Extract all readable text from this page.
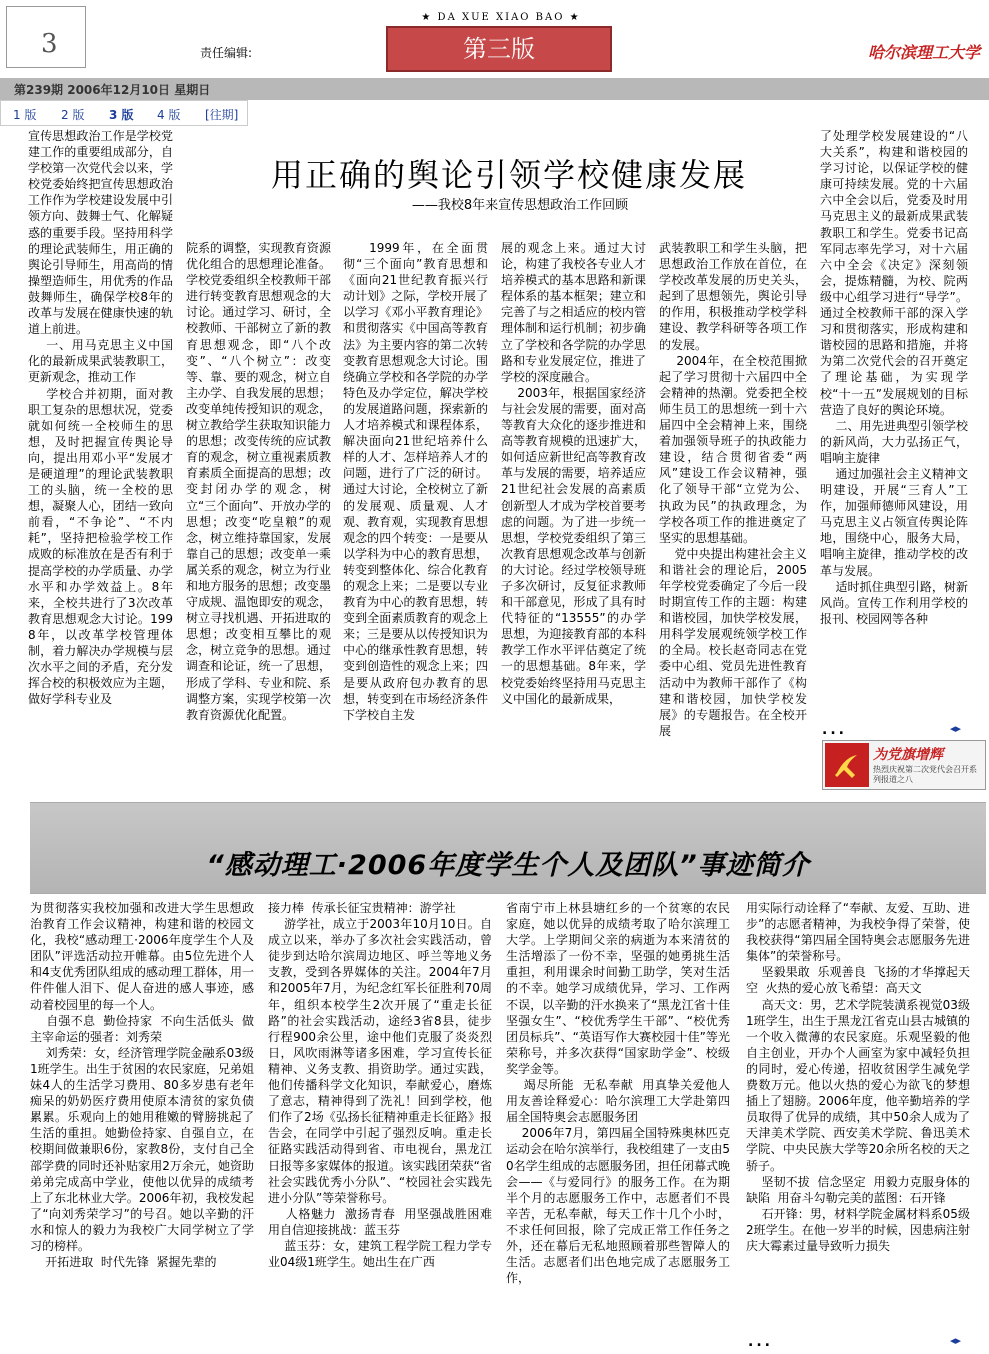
3	责任编辑:
★ DA XUE XIAO BAO ★
第三版	哈尔滨理工大学
第239期 2006年12月10日 星期日
1 版 2 版 3 版 4 版 [往期]
宣传思想政治工作是学校党建工作的重要组成部分，自学校第一次党代会以来，学校党委始终把宣传思想政治工作作为学校建设发展中引领方向、鼓舞士气、化解疑惑的重要手段。坚持用科学的理论武装师生，用正确的舆论引导师生，用高尚的情操塑造师生，用优秀的作品鼓舞师生，确保学校8年的改革与发展在健康快速的轨道上前进。
一、用马克思主义中国化的最新成果武装教职工，更新观念，推动工作
学校合并初期，面对教职工复杂的思想状况，党委就如何统一全校师生的思想，及时把握宣传舆论导向，提出用邓小平“发展才是硬道理”的理论武装教职工的头脑，统一全校的思想，凝聚人心，团结一致向前看，“不争论”、“不内耗”，坚持把检验学校工作成败的标准放在是否有利于提高学校的办学质量、办学水平和办学效益上。8年来，全校共进行了3次改革教育思想观念大讨论。1998年，以改革学校管理体制，着力解决办学规模与层次水平之间的矛盾，充分发挥合校的积极效应为主题，做好学科专业及
用正确的舆论引领学校健康发展
——我校8年来宣传思想政治工作回顾
院系的调整，实现教育资源优化组合的思想理论准备。学校党委组织全校教师干部进行转变教育思想观念的大讨论。通过学习、研讨，全校教师、干部树立了新的教育思想观念，即“八个改变”、“八个树立”：改变等、靠、要的观念，树立自主办学、自我发展的思想；改变单纯传授知识的观念，树立教给学生获取知识能力的思想；改变传统的应试教育的观念，树立重视素质教育素质全面提高的思想；改变封闭办学的观念，树立“三个面向”、开放办学的思想；改变“吃皇粮”的观念，树立维持靠国家，发展靠自己的思想；改变单一乘属关系的观念，树立为行业和地方服务的思想；改变墨守成规、温饱即安的观念，树立寻找机遇、开拓进取的思想；改变相互攀比的观念，树立竞争的思想。通过调查和论证，统一了思想，形成了学科、专业和院、系调整方案，实现学校第一次教育资源优化配置。
1999年，在全面贯彻“三个面向”教育思想和《面向21世纪教育振兴行动计划》之际，学校开展了以学习《邓小平教育理论》和贯彻落实《中国高等教育法》为主要内容的第二次转变教育思想观念大讨论。围绕确立学校和各学院的办学特色及办学定位，解决学校的发展道路问题，探索新的人才培养模式和课程体系，解决面向21世纪培养什么样的人才、怎样培养人才的问题，进行了广泛的研讨。通过大讨论，全校树立了新的发展观、质量观、人才观、教育观，实现教育思想观念的四个转变：一是要从以学科为中心的教育思想，转变到整体化、综合化教育的观念上来；二是要以专业教育为中心的教育思想，转变到全面素质教育的观念上来；三是要从以传授知识为中心的继承性教育思想，转变到创造性的观念上来；四是要从政府包办教育的思想，转变到在市场经济条件下学校自主发
展的观念上来。通过大讨论，构建了我校各专业人才培养模式的基本思路和新课程体系的基本框架；建立和完善了与之相适应的校内管理体制和运行机制；初步确立了学校和各学院的办学思路和专业发展定位，推进了学校的深度融合。
2003年，根据国家经济与社会发展的需要，面对高等教育大众化的逐步推进和高等教育规模的迅速扩大，如何适应新世纪高等教育改革与发展的需要，培养适应21世纪社会发展的高素质创新型人才成为学校首要考虑的问题。为了进一步统一思想，学校党委组织了第三次教育思想观念改革与创新的大讨论。经过学校领导班子多次研讨，反复征求教师和干部意见，形成了具有时代特征的“13555”的办学思想，为迎接教育部的本科教学工作水平评估奠定了统一的思想基础。8年来，学校党委始终坚持用马克思主义中国化的最新成果，
武装教职工和学生头脑，把思想政治工作放在首位，在学校改革发展的历史关头，起到了思想领先，舆论引导的作用，积极推动学校学科建设、教学科研等各项工作的发展。
2004年，在全校范围掀起了学习贯彻十六届四中全会精神的热潮。党委把全校师生员工的思想统一到十六届四中全会精神上来，围绕着加强领导班子的执政能力建设，结合贯彻省委“两风”建设工作会议精神，强化了领导干部“立党为公、执政为民”的执政理念，为学校各项工作的推进奠定了坚实的思想基础。
党中央提出构建社会主义和谐社会的理论后，2005年学校党委确定了今后一段时期宣传工作的主题：构建和谐校园，加快学校发展，用科学发展观统领学校工作的全局。校长赵奇同志在党委中心组、党员先进性教育活动中为教师干部作了《构建和谐校园，加快学校发展》的专题报告。在全校开展
了处理学校发展建设的“八大关系”，构建和谐校园的学习讨论，以保证学校的健康可持续发展。党的十六届六中全会以后，党委及时用马克思主义的最新成果武装教职工和学生。党委书记高军同志率先学习，对十六届六中全会《决定》深刻领会，提炼精髓，为校、院两级中心组学习进行“导学”。通过全校教师干部的深入学习和贯彻落实，形成构建和谐校园的思路和措施，并将为第二次党代会的召开奠定了理论基础，为实现学校“十一五”发展规划的目标营造了良好的舆论环境。
二、用先进典型引领学校的新风尚，大力弘扬正气，唱响主旋律
通过加强社会主义精神文明建设，开展“三育人”工作，加强师德师风建设，用马克思主义占领宣传舆论阵地，围绕中心，服务大局，唱响主旋律，推动学校的改革与发展。
适时抓住典型引路，树新风尚。宣传工作利用学校的报刊、校园网等各种
◂▸
...
为党旗增辉
热烈庆祝第二次党代会召开系列报道之八
“感动理工·2006年度学生个人及团队”事迹简介
为贯彻落实我校加强和改进大学生思想政治教育工作会议精神，构建和谐的校园文化，我校“感动理工·2006年度学生个人及团队”评选活动拉开帷幕。由5位先进个人和4支优秀团队组成的感动理工群体，用一件件催人泪下、促人奋进的感人事迹，感动着校园里的每一个人。
自强不息  勤俭持家  不向生活低头  做主宰命运的强者：刘秀荣
刘秀荣：女，经济管理学院金融系03级1班学生。出生于贫困的农民家庭，兄弟姐妹4人的生活学习费用、80多岁患有老年痴呆的奶奶医疗费用使原本清贫的家负债累累。乐观向上的她用稚嫩的臂膀挑起了生活的重担。她勤俭持家、自强自立，在校期间做兼职6份，家教8份，支付自己全部学费的同时还补贴家用2万余元，她资助弟弟完成高中学业，使他以优异的成绩考上了东北林业大学。2006年初，我校发起了“向刘秀荣学习”的号召。她以辛勤的汗水和惊人的毅力为我校广大同学树立了学习的榜样。
开拓进取  时代先锋  紧握先辈的
接力棒  传承长征宝贵精神：游学社
游学社，成立于2003年10月10日。自成立以来，举办了多次社会实践活动，曾徒步到达哈尔滨周边地区、呼兰等地义务支教，受到各界媒体的关注。2004年7月和2005年7月，为纪念红军长征胜利70周年，组织本校学生2次开展了“重走长征路”的社会实践活动，途经3省8县，徒步行程900余公里，途中他们克服了炎炎烈日，风吹雨淋等诸多困难，学习宣传长征精神、义务支教、捐资助学。通过实践，他们传播科学文化知识，奉献爱心，磨炼了意志，精神得到了洗礼！回到学校，他们作了2场《弘扬长征精神重走长征路》报告会，在同学中引起了强烈反响。重走长征路实践活动得到省、市电视台，黑龙江日报等多家媒体的报道。该实践团荣获“省社会实践优秀小分队”、“校园社会实践先进小分队”等荣誉称号。
人格魅力  激扬青春  用坚强战胜困难  用自信迎接挑战：蓝玉芬
蓝玉芬：女，建筑工程学院工程力学专业04级1班学生。她出生在广西
省南宁市上林县塘红乡的一个贫寒的农民家庭，她以优异的成绩考取了哈尔滨理工大学。上学期间父亲的病逝为本来清贫的生活增添了一份不幸，坚强的她勇挑生活重担，利用课余时间勤工助学，笑对生活的不幸。她学习成绩优异，学习、工作两不误，以辛勤的汗水换来了“黑龙江省十佳坚强女生”、“校优秀学生干部”、“校优秀团员标兵”、“英语写作大赛校园十佳”等光荣称号，并多次获得“国家助学金”、校级奖学金等。
竭尽所能  无私奉献  用真挚关爱他人  用友善诠释爱心：哈尔滨理工大学赴第四届全国特奥会志愿服务团
2006年7月，第四届全国特殊奥林匹克运动会在哈尔滨举行，我校组建了一支由50名学生组成的志愿服务团，担任闭幕式晚会——《与爱同行》的服务工作。在为期半个月的志愿服务工作中，志愿者们不畏辛苦，无私奉献，每天工作十几个小时，不求任何回报，除了完成正常工作任务之外，还在幕后无私地照顾着那些智障人的生活。志愿者们出色地完成了志愿服务工作，
用实际行动诠释了“奉献、友爱、互助、进步”的志愿者精神，为我校争得了荣誉，使我校获得“第四届全国特奥会志愿服务先进集体”的荣誉称号。
坚毅果敢  乐观善良  飞扬的才华撑起天空  火热的爱心放飞希望：高天文
高天文：男，艺术学院装潢系视觉03级1班学生，出生于黑龙江省克山县古城镇的一个收入微薄的农民家庭。乐观坚毅的他自主创业，开办个人画室为家中减轻负担的同时，爱心传递，招收贫困学生减免学费数万元。他以火热的爱心为欲飞的梦想插上了翅膀。2006年度，他辛勤培养的学员取得了优异的成绩，其中50余人成为了天津美术学院、西安美术学院、鲁迅美术学院、中央民族大学等20余所名校的天之骄子。
坚韧不拔  信念坚定  用毅力克服身体的缺陷  用奋斗勾勒完美的蓝图：石开锋
石开锋：男，材料学院金属材料系05级2班学生。在他一岁半的时候，因患病注射庆大霉素过量导致听力损失
...	◂▸
